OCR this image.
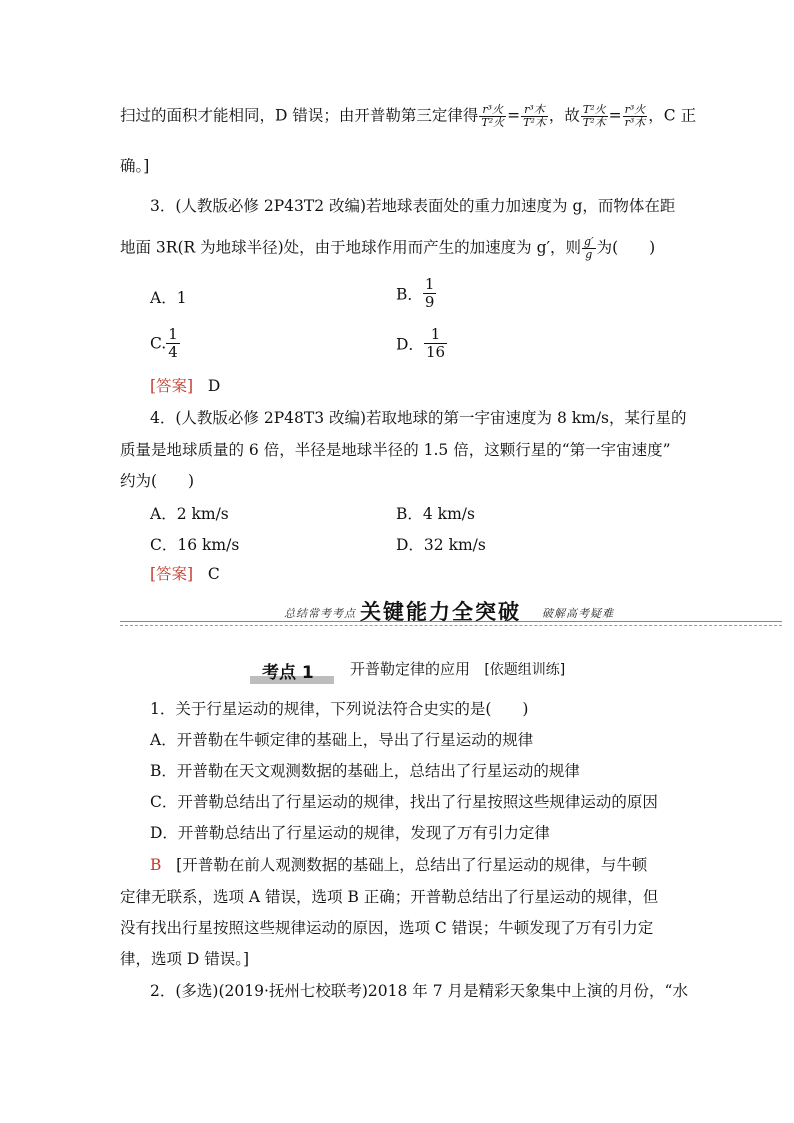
扫过的面积才能相同，D 错误；由开普勒第三定律得 $\frac{\text{r³火}}{\text{T²火}} = \frac{\text{r³木}}{\text{T²木}}$ ，故 $\frac{\text{T²火}}{\text{T²木}} = \frac{\text{r³火}}{\text{r³木}}$ ，C 正
确。]
3．(人教版必修 2P43T2 改编)若地球表面处的重力加速度为 g，而物体在距
地面 3R(R 为地球半径)处，由于地球作用而产生的加速度为 g′，则 $\frac{g'}{g}$ 为(　　)
A．1	B． $\frac{1}{9}$
C. $\frac{1}{4}$	D． $\frac{1}{16}$
[答案] D
4．(人教版必修 2P48T3 改编)若取地球的第一宇宙速度为 8 km/s，某行星的
质量是地球质量的 6 倍，半径是地球半径的 1.5 倍，这颗行星的“第一宇宙速度”
约为(　　)
A．2 km/s	B．4 km/s
C．16 km/s	D．32 km/s
[答案] C
总结常考考点 关键能力全突破 破解高考疑难
考点 1 开普勒定律的应用 [依题组训练]
1．关于行星运动的规律，下列说法符合史实的是(　　)
A．开普勒在牛顿定律的基础上，导出了行星运动的规律
B．开普勒在天文观测数据的基础上，总结出了行星运动的规律
C．开普勒总结出了行星运动的规律，找出了行星按照这些规律运动的原因
D．开普勒总结出了行星运动的规律，发现了万有引力定律
B [开普勒在前人观测数据的基础上，总结出了行星运动的规律，与牛顿
定律无联系，选项 A 错误，选项 B 正确；开普勒总结出了行星运动的规律，但
没有找出行星按照这些规律运动的原因，选项 C 错误；牛顿发现了万有引力定
律，选项 D 错误。]
2．(多选)(2019·抚州七校联考)2018 年 7 月是精彩天象集中上演的月份，“水
